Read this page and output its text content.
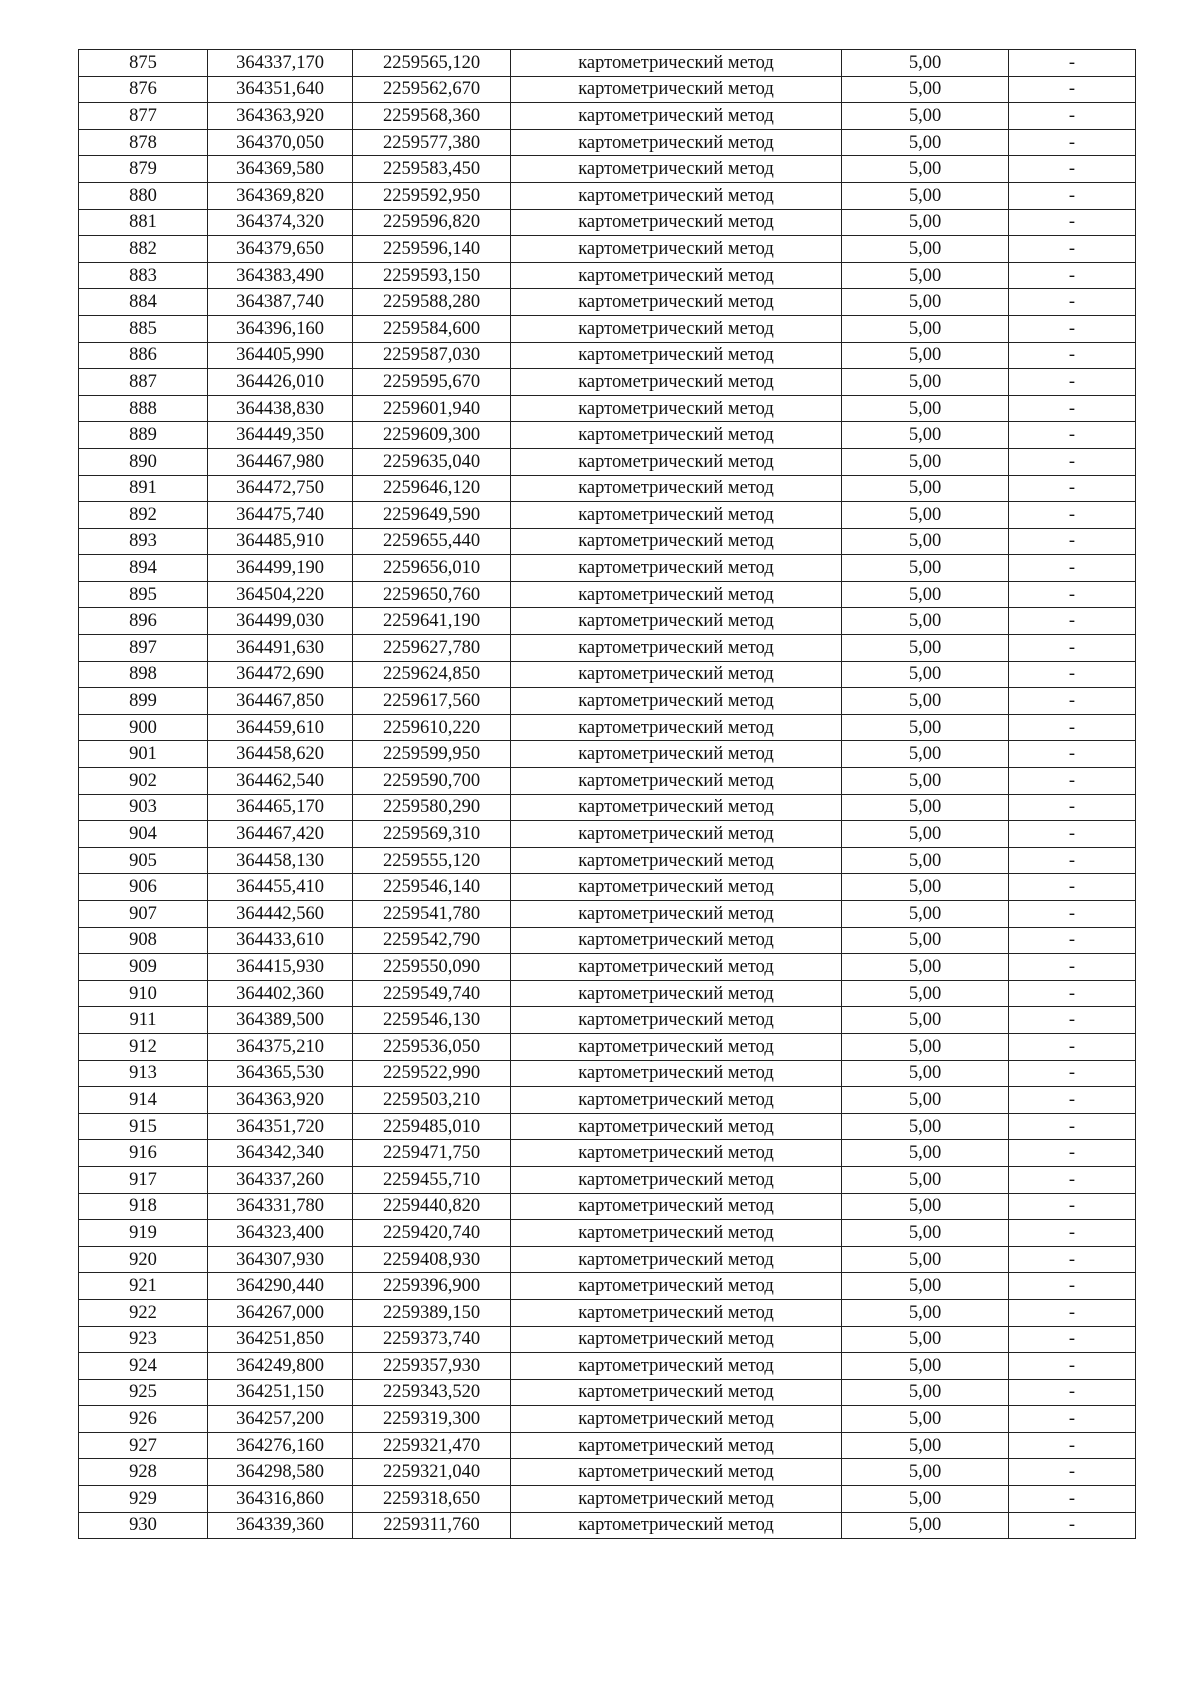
875	364337,170	2259565,120	картометрический метод	5,00	-
876	364351,640	2259562,670	картометрический метод	5,00	-
877	364363,920	2259568,360	картометрический метод	5,00	-
878	364370,050	2259577,380	картометрический метод	5,00	-
879	364369,580	2259583,450	картометрический метод	5,00	-
880	364369,820	2259592,950	картометрический метод	5,00	-
881	364374,320	2259596,820	картометрический метод	5,00	-
882	364379,650	2259596,140	картометрический метод	5,00	-
883	364383,490	2259593,150	картометрический метод	5,00	-
884	364387,740	2259588,280	картометрический метод	5,00	-
885	364396,160	2259584,600	картометрический метод	5,00	-
886	364405,990	2259587,030	картометрический метод	5,00	-
887	364426,010	2259595,670	картометрический метод	5,00	-
888	364438,830	2259601,940	картометрический метод	5,00	-
889	364449,350	2259609,300	картометрический метод	5,00	-
890	364467,980	2259635,040	картометрический метод	5,00	-
891	364472,750	2259646,120	картометрический метод	5,00	-
892	364475,740	2259649,590	картометрический метод	5,00	-
893	364485,910	2259655,440	картометрический метод	5,00	-
894	364499,190	2259656,010	картометрический метод	5,00	-
895	364504,220	2259650,760	картометрический метод	5,00	-
896	364499,030	2259641,190	картометрический метод	5,00	-
897	364491,630	2259627,780	картометрический метод	5,00	-
898	364472,690	2259624,850	картометрический метод	5,00	-
899	364467,850	2259617,560	картометрический метод	5,00	-
900	364459,610	2259610,220	картометрический метод	5,00	-
901	364458,620	2259599,950	картометрический метод	5,00	-
902	364462,540	2259590,700	картометрический метод	5,00	-
903	364465,170	2259580,290	картометрический метод	5,00	-
904	364467,420	2259569,310	картометрический метод	5,00	-
905	364458,130	2259555,120	картометрический метод	5,00	-
906	364455,410	2259546,140	картометрический метод	5,00	-
907	364442,560	2259541,780	картометрический метод	5,00	-
908	364433,610	2259542,790	картометрический метод	5,00	-
909	364415,930	2259550,090	картометрический метод	5,00	-
910	364402,360	2259549,740	картометрический метод	5,00	-
911	364389,500	2259546,130	картометрический метод	5,00	-
912	364375,210	2259536,050	картометрический метод	5,00	-
913	364365,530	2259522,990	картометрический метод	5,00	-
914	364363,920	2259503,210	картометрический метод	5,00	-
915	364351,720	2259485,010	картометрический метод	5,00	-
916	364342,340	2259471,750	картометрический метод	5,00	-
917	364337,260	2259455,710	картометрический метод	5,00	-
918	364331,780	2259440,820	картометрический метод	5,00	-
919	364323,400	2259420,740	картометрический метод	5,00	-
920	364307,930	2259408,930	картометрический метод	5,00	-
921	364290,440	2259396,900	картометрический метод	5,00	-
922	364267,000	2259389,150	картометрический метод	5,00	-
923	364251,850	2259373,740	картометрический метод	5,00	-
924	364249,800	2259357,930	картометрический метод	5,00	-
925	364251,150	2259343,520	картометрический метод	5,00	-
926	364257,200	2259319,300	картометрический метод	5,00	-
927	364276,160	2259321,470	картометрический метод	5,00	-
928	364298,580	2259321,040	картометрический метод	5,00	-
929	364316,860	2259318,650	картометрический метод	5,00	-
930	364339,360	2259311,760	картометрический метод	5,00	-
